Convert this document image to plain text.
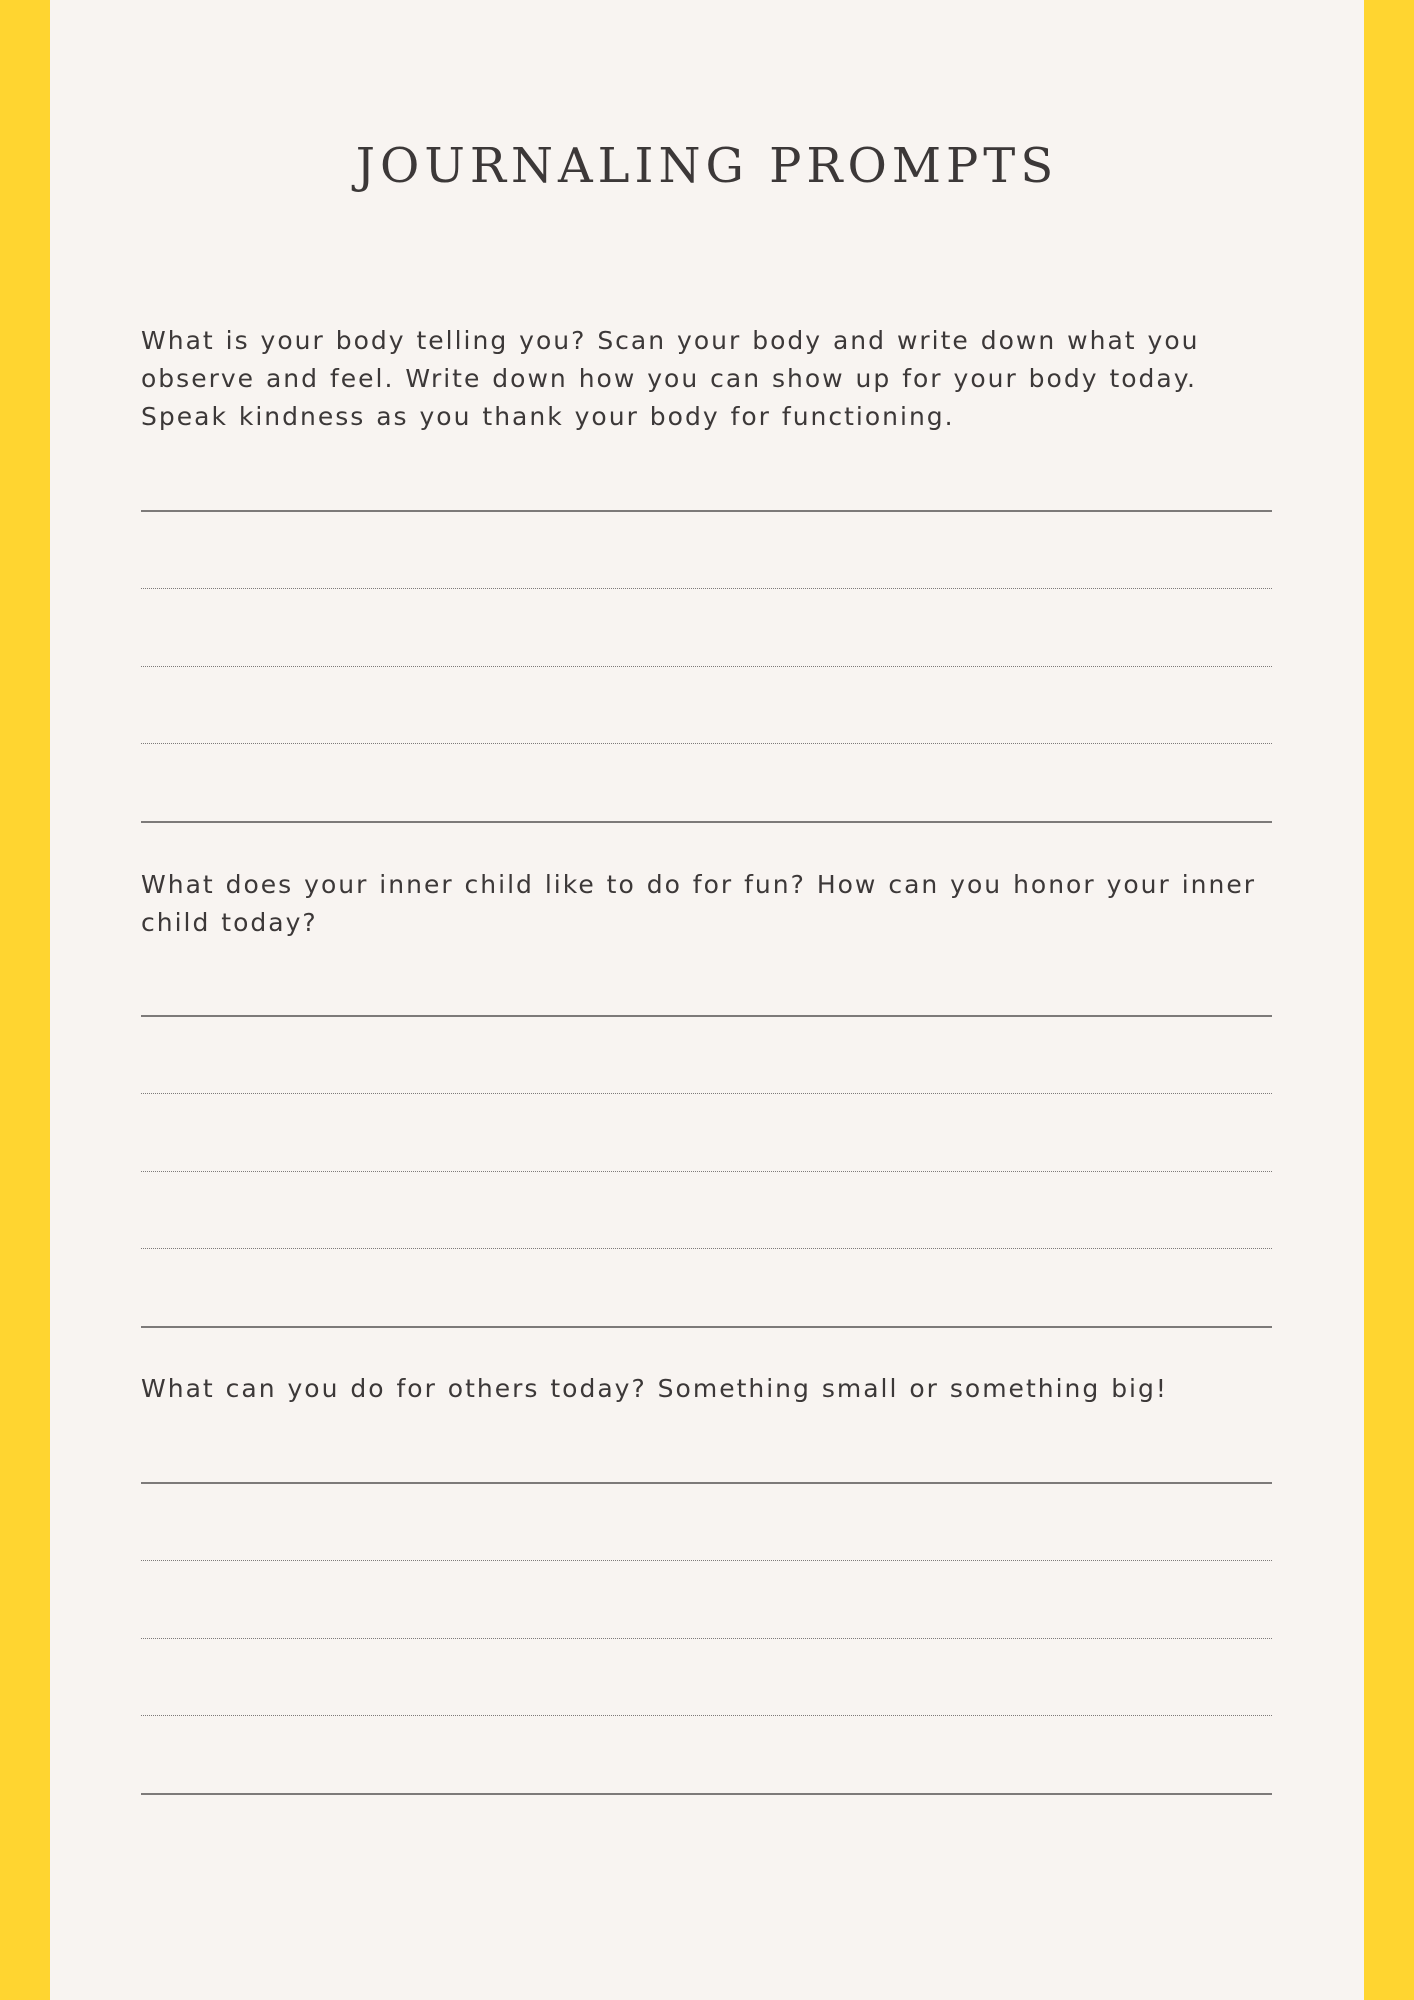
JOURNALING PROMPTS

What is your body telling you? Scan your body and write down what you observe and feel. Write down how you can show up for your body today. Speak kindness as you thank your body for functioning.

What does your inner child like to do for fun? How can you honor your inner child today?

What can you do for others today? Something small or something big!
